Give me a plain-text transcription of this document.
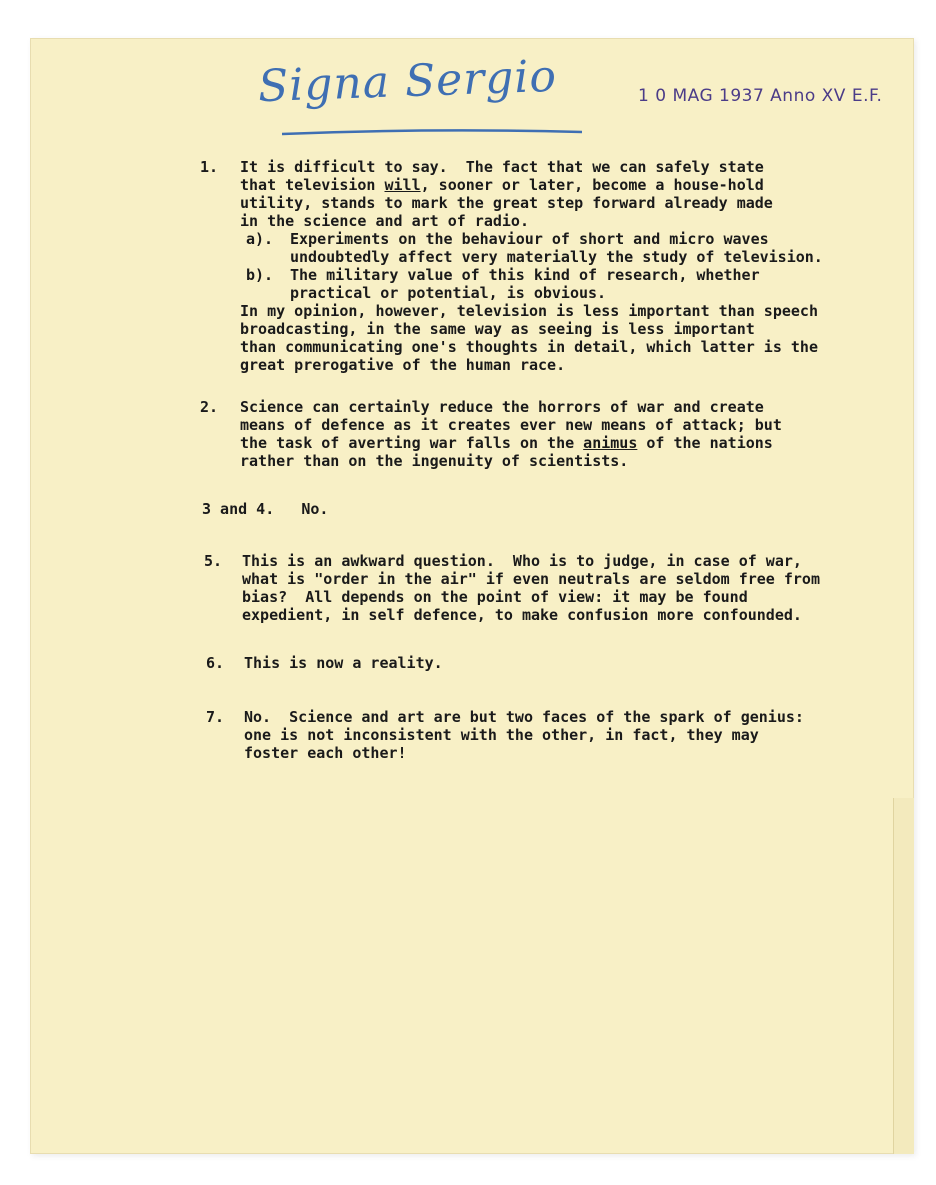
Signa Sergio	1 0 MAG 1937 Anno XV E.F.
1. It is difficult to say.  The fact that we can safely state
that television will, sooner or later, become a house-hold
utility, stands to mark the great step forward already made
in the science and art of radio.
a). Experiments on the behaviour of short and micro waves
undoubtedly affect very materially the study of television.
b). The military value of this kind of research, whether
practical or potential, is obvious.
In my opinion, however, television is less important than speech
broadcasting, in the same way as seeing is less important
than communicating one's thoughts in detail, which latter is the
great prerogative of the human race.
2. Science can certainly reduce the horrors of war and create
means of defence as it creates ever new means of attack; but
the task of averting war falls on the animus of the nations
rather than on the ingenuity of scientists.
3 and 4.   No.
5. This is an awkward question.  Who is to judge, in case of war,
what is "order in the air" if even neutrals are seldom free from
bias?  All depends on the point of view: it may be found
expedient, in self defence, to make confusion more confounded.
6. This is now a reality.
7. No.  Science and art are but two faces of the spark of genius:
one is not inconsistent with the other, in fact, they may
foster each other!
